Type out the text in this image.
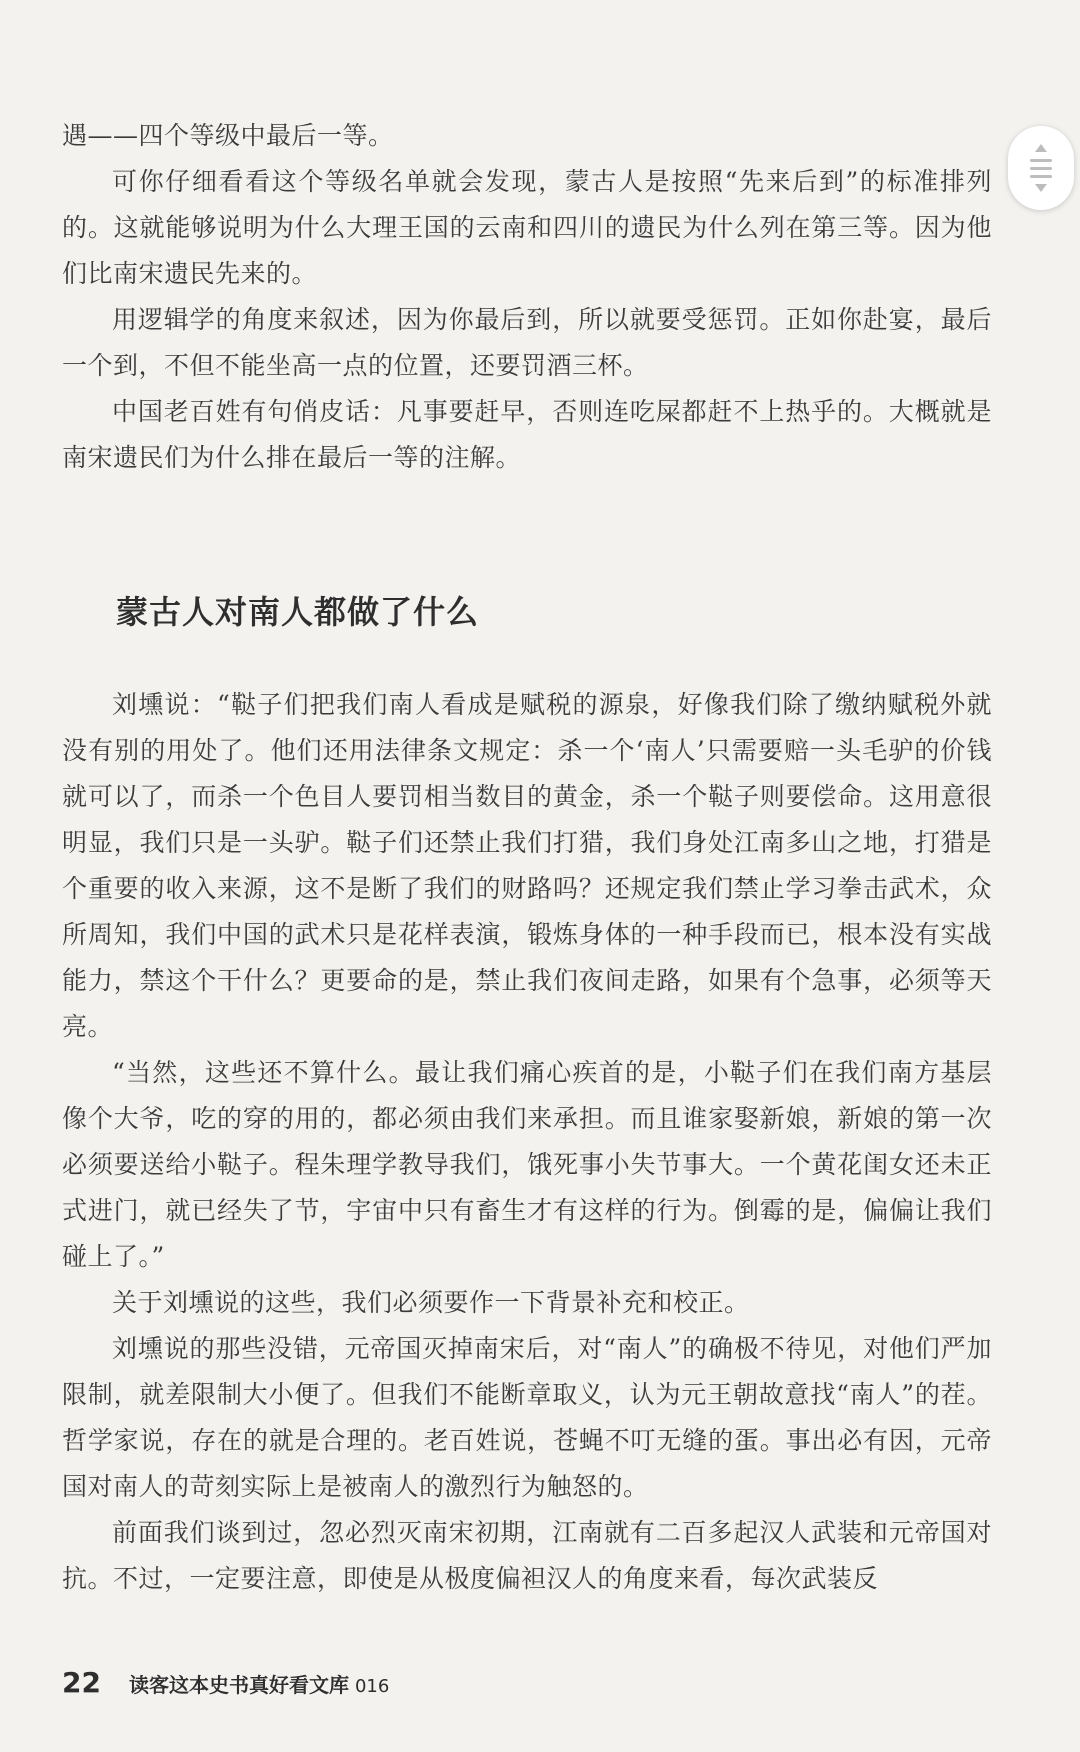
遇——四个等级中最后一等。

可你仔细看看这个等级名单就会发现，蒙古人是按照“先来后到”的标准排列的。这就能够说明为什么大理王国的云南和四川的遗民为什么列在第三等。因为他们比南宋遗民先来的。

用逻辑学的角度来叙述，因为你最后到，所以就要受惩罚。正如你赴宴，最后一个到，不但不能坐高一点的位置，还要罚酒三杯。

中国老百姓有句俏皮话：凡事要赶早，否则连吃屎都赶不上热乎的。大概就是南宋遗民们为什么排在最后一等的注解。

蒙古人对南人都做了什么

刘壎说：“鞑子们把我们南人看成是赋税的源泉，好像我们除了缴纳赋税外就没有别的用处了。他们还用法律条文规定：杀一个‘南人’只需要赔一头毛驴的价钱就可以了，而杀一个色目人要罚相当数目的黄金，杀一个鞑子则要偿命。这用意很明显，我们只是一头驴。鞑子们还禁止我们打猎，我们身处江南多山之地，打猎是个重要的收入来源，这不是断了我们的财路吗？还规定我们禁止学习拳击武术，众所周知，我们中国的武术只是花样表演，锻炼身体的一种手段而已，根本没有实战能力，禁这个干什么？更要命的是，禁止我们夜间走路，如果有个急事，必须等天亮。

“当然，这些还不算什么。最让我们痛心疾首的是，小鞑子们在我们南方基层像个大爷，吃的穿的用的，都必须由我们来承担。而且谁家娶新娘，新娘的第一次必须要送给小鞑子。程朱理学教导我们，饿死事小失节事大。一个黄花闺女还未正式进门，就已经失了节，宇宙中只有畜生才有这样的行为。倒霉的是，偏偏让我们碰上了。”

关于刘壎说的这些，我们必须要作一下背景补充和校正。

刘壎说的那些没错，元帝国灭掉南宋后，对“南人”的确极不待见，对他们严加限制，就差限制大小便了。但我们不能断章取义，认为元王朝故意找“南人”的茬。哲学家说，存在的就是合理的。老百姓说，苍蝇不叮无缝的蛋。事出必有因，元帝国对南人的苛刻实际上是被南人的激烈行为触怒的。

前面我们谈到过，忽必烈灭南宋初期，江南就有二百多起汉人武装和元帝国对抗。不过，一定要注意，即使是从极度偏袒汉人的角度来看，每次武装反

22 读客这本史书真好看文库 016
